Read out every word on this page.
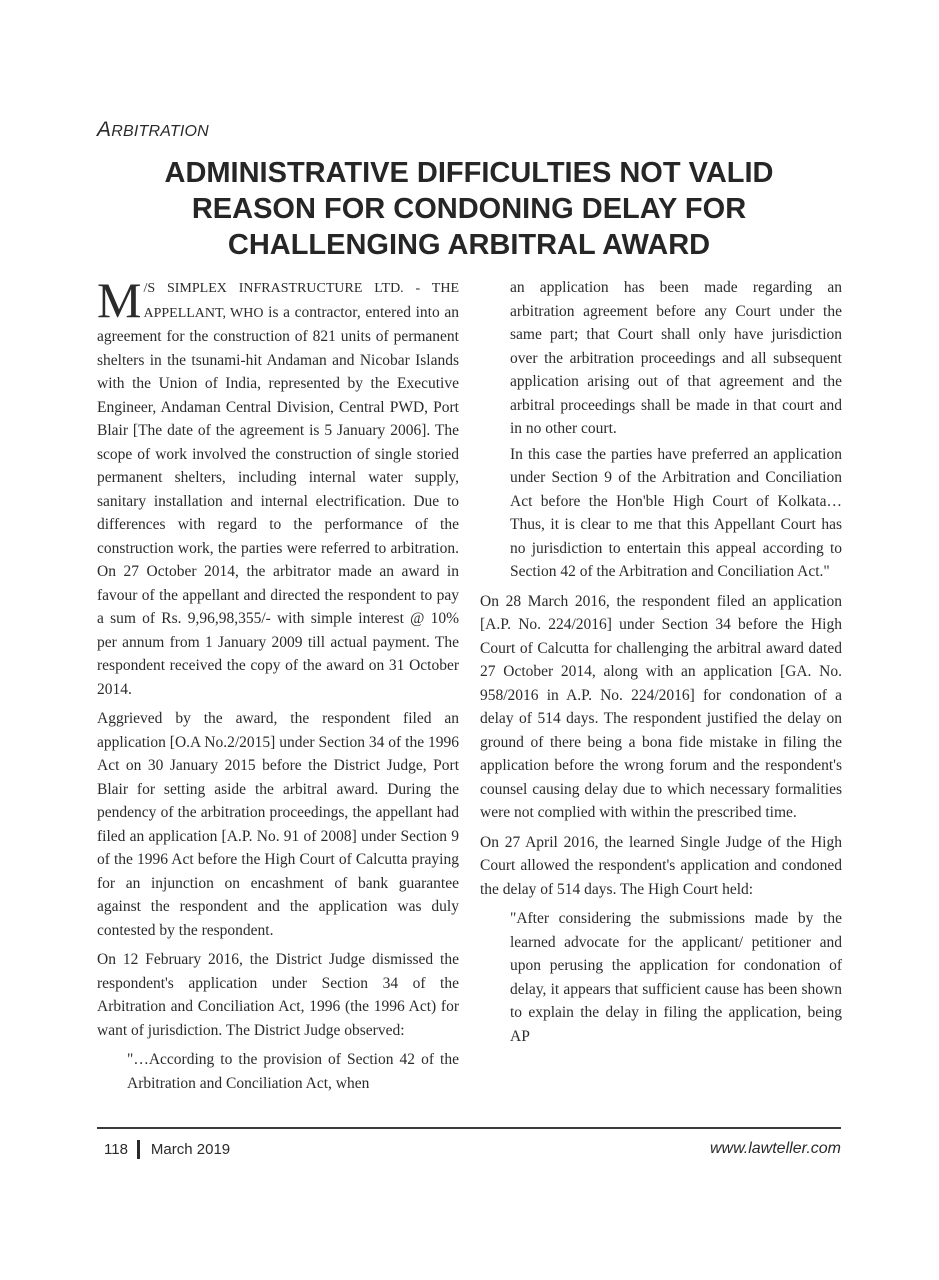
ARBITRATION
ADMINISTRATIVE DIFFICULTIES NOT VALID
REASON FOR CONDONING DELAY FOR
CHALLENGING ARBITRAL AWARD

M /S SIMPLEX INFRASTRUCTURE LTD. - THE APPELLANT, WHO is a contractor, entered into an agreement for the construction of 821 units of permanent shelters in the tsunami-hit Andaman and Nicobar Islands with the Union of India, represented by the Executive Engineer, Andaman Central Division, Central PWD, Port Blair [The date of the agreement is 5 January 2006]. The scope of work involved the construction of single storied permanent shelters, including internal water supply, sanitary installation and internal electrification. Due to differences with regard to the performance of the construction work, the parties were referred to arbitration. On 27 October 2014, the arbitrator made an award in favour of the appellant and directed the respondent to pay a sum of Rs. 9,96,98,355/- with simple interest @ 10% per annum from 1 January 2009 till actual payment. The respondent received the copy of the award on 31 October 2014.

Aggrieved by the award, the respondent filed an application [O.A No.2/2015] under Section 34 of the 1996 Act on 30 January 2015 before the District Judge, Port Blair for setting aside the arbitral award. During the pendency of the arbitration proceedings, the appellant had filed an application [A.P. No. 91 of 2008] under Section 9 of the 1996 Act before the High Court of Calcutta praying for an injunction on encashment of bank guarantee against the respondent and the application was duly contested by the respondent.

On 12 February 2016, the District Judge dismissed the respondent's application under Section 34 of the Arbitration and Conciliation Act, 1996 (the 1996 Act) for want of jurisdiction. The District Judge observed:

"…According to the provision of Section 42 of the Arbitration and Conciliation Act, when

an application has been made regarding an arbitration agreement before any Court under the same part; that Court shall only have jurisdiction over the arbitration proceedings and all subsequent application arising out of that agreement and the arbitral proceedings shall be made in that court and in no other court.

In this case the parties have preferred an application under Section 9 of the Arbitration and Conciliation Act before the Hon'ble High Court of Kolkata… Thus, it is clear to me that this Appellant Court has no jurisdiction to entertain this appeal according to Section 42 of the Arbitration and Conciliation Act."

On 28 March 2016, the respondent filed an application [A.P. No. 224/2016] under Section 34 before the High Court of Calcutta for challenging the arbitral award dated 27 October 2014, along with an application [GA. No. 958/2016 in A.P. No. 224/2016] for condonation of a delay of 514 days. The respondent justified the delay on ground of there being a bona fide mistake in filing the application before the wrong forum and the respondent's counsel causing delay due to which necessary formalities were not complied with within the prescribed time.

On 27 April 2016, the learned Single Judge of the High Court allowed the respondent's application and condoned the delay of 514 days. The High Court held:

"After considering the submissions made by the learned advocate for the applicant/ petitioner and upon perusing the application for condonation of delay, it appears that sufficient cause has been shown to explain the delay in filing the application, being AP

118 March 2019	www.lawteller.com
